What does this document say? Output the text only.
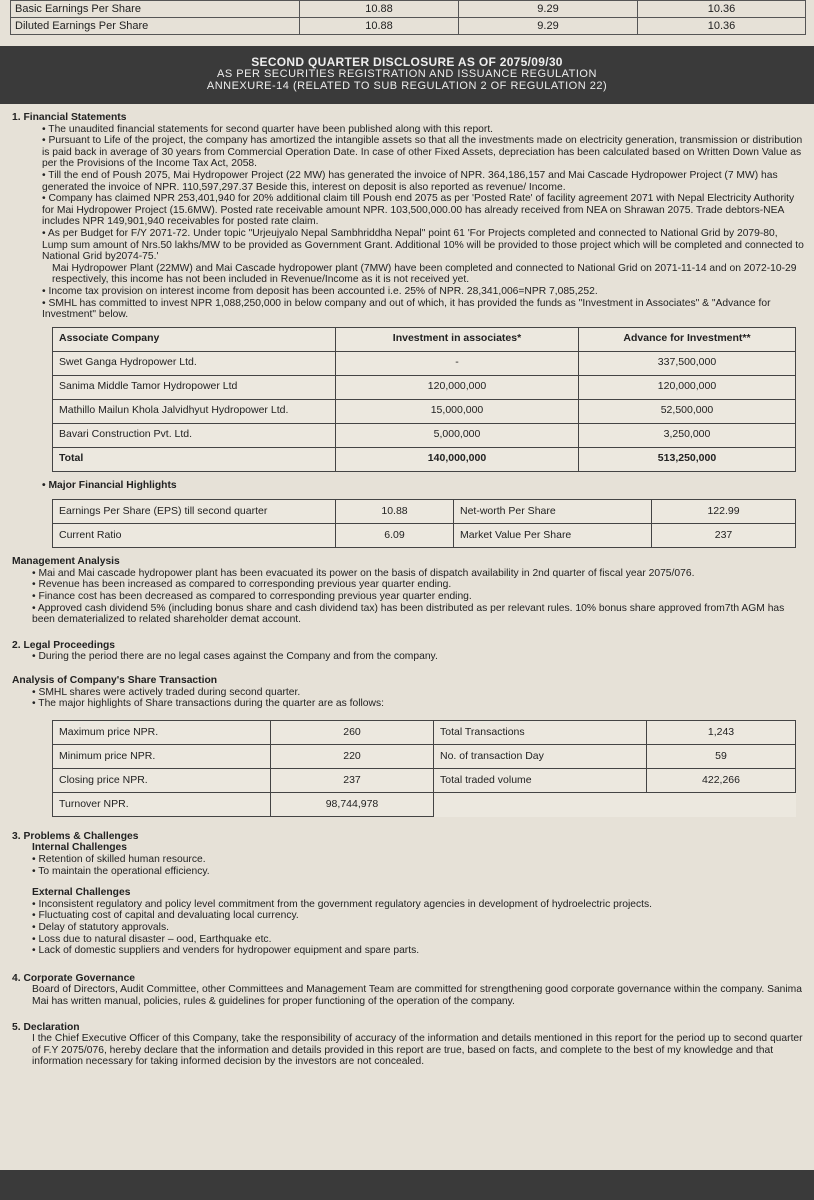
Basic Earnings Per Share	10.88	9.29	10.36
Diluted Earnings Per Share	10.88	9.29	10.36
SECOND QUARTER DISCLOSURE AS OF 2075/09/30
AS PER SECURITIES REGISTRATION AND ISSUANCE REGULATION
ANNEXURE-14 (RELATED TO SUB REGULATION 2 OF REGULATION 22)
1. Financial Statements
• The unaudited financial statements for second quarter have been published along with this report.
• Pursuant to Life of the project, the company has amortized the intangible assets so that all the investments made on electricity generation, transmission or distribution is paid back in average of 30 years from Commercial Operation Date. In case of other Fixed Assets, depreciation has been calculated based on Written Down Value as per the Provisions of the Income Tax Act, 2058.
• Till the end of Poush 2075, Mai Hydropower Project (22 MW) has generated the invoice of NPR. 364,186,157 and Mai Cascade Hydropower Project (7 MW) has generated the invoice of NPR. 110,597,297.37 Beside this, interest on deposit is also reported as revenue/ Income.
• Company has claimed NPR 253,401,940 for 20% additional claim till Poush end 2075 as per 'Posted Rate' of facility agreement 2071 with Nepal Electricity Authority for Mai Hydropower Project (15.6MW). Posted rate receivable amount NPR. 103,500,000.00 has already received from NEA on Shrawan 2075. Trade debtors-NEA includes NPR 149,901,940 receivables for posted rate claim.
• As per Budget for F/Y 2071-72. Under topic "Urjeujyalo Nepal Sambhriddha Nepal" point 61 'For Projects completed and connected to National Grid by 2079-80, Lump sum amount of Nrs.50 lakhs/MW to be provided as Government Grant. Additional 10% will be provided to those project which will be completed and connected to National Grid by2074-75.'

Mai Hydropower Plant (22MW) and Mai Cascade hydropower plant (7MW) have been completed and connected to National Grid on 2071-11-14 and on 2072-10-29 respectively, this income has not been included in Revenue/Income as it is not received yet.

• Income tax provision on interest income from deposit has been accounted i.e. 25% of NPR. 28,341,006=NPR 7,085,252.
• SMHL has committed to invest NPR 1,088,250,000 in below company and out of which, it has provided the funds as "Investment in Associates" & "Advance for Investment" below.
Associate Company	Investment in associates*	Advance for Investment**
Swet Ganga Hydropower Ltd.	-	337,500,000
Sanima Middle Tamor Hydropower Ltd	120,000,000	120,000,000
Mathillo Mailun Khola Jalvidhyut Hydropower Ltd.	15,000,000	52,500,000
Bavari Construction Pvt. Ltd.	5,000,000	3,250,000
Total	140,000,000	513,250,000
• Major Financial Highlights
Earnings Per Share (EPS) till second quarter	10.88	Net-worth Per Share	122.99
Current Ratio	6.09	Market Value Per Share	237
Management Analysis
• Mai and Mai cascade hydropower plant has been evacuated its power on the basis of dispatch availability in 2nd quarter of fiscal year 2075/076.
• Revenue has been increased as compared to corresponding previous year quarter ending.
• Finance cost has been decreased as compared to corresponding previous year quarter ending.
• Approved cash dividend 5% (including bonus share and cash dividend tax) has been distributed as per relevant rules. 10% bonus share approved from7th AGM has been dematerialized to related shareholder demat account.
2. Legal Proceedings
• During the period there are no legal cases against the Company and from the company.
Analysis of Company's Share Transaction
• SMHL shares were actively traded during second quarter.
• The major highlights of Share transactions during the quarter are as follows:
Maximum price NPR.	260	Total Transactions	1,243
Minimum price NPR.	220	No. of transaction Day	59
Closing price NPR.	237	Total traded volume	422,266
Turnover NPR.	98,744,978		
3. Problems & Challenges
Internal Challenges
• Retention of skilled human resource.
• To maintain the operational efficiency.
External Challenges
• Inconsistent regulatory and policy level commitment from the government regulatory agencies in development of hydroelectric projects.
• Fluctuating cost of capital and devaluating local currency.
• Delay of statutory approvals.
• Loss due to natural disaster – ood, Earthquake etc.
• Lack of domestic suppliers and venders for hydropower equipment and spare parts.
4. Corporate Governance

Board of Directors, Audit Committee, other Committees and Management Team are committed for strengthening good corporate governance within the company. Sanima Mai has written manual, policies, rules & guidelines for proper functioning of the operation of the company.

5. Declaration

I the Chief Executive Officer of this Company, take the responsibility of accuracy of the information and details mentioned in this report for the period up to second quarter of F.Y 2075/076, hereby declare that the information and details provided in this report are true, based on facts, and complete to the best of my knowledge and that information necessary for taking informed decision by the investors are not concealed.
